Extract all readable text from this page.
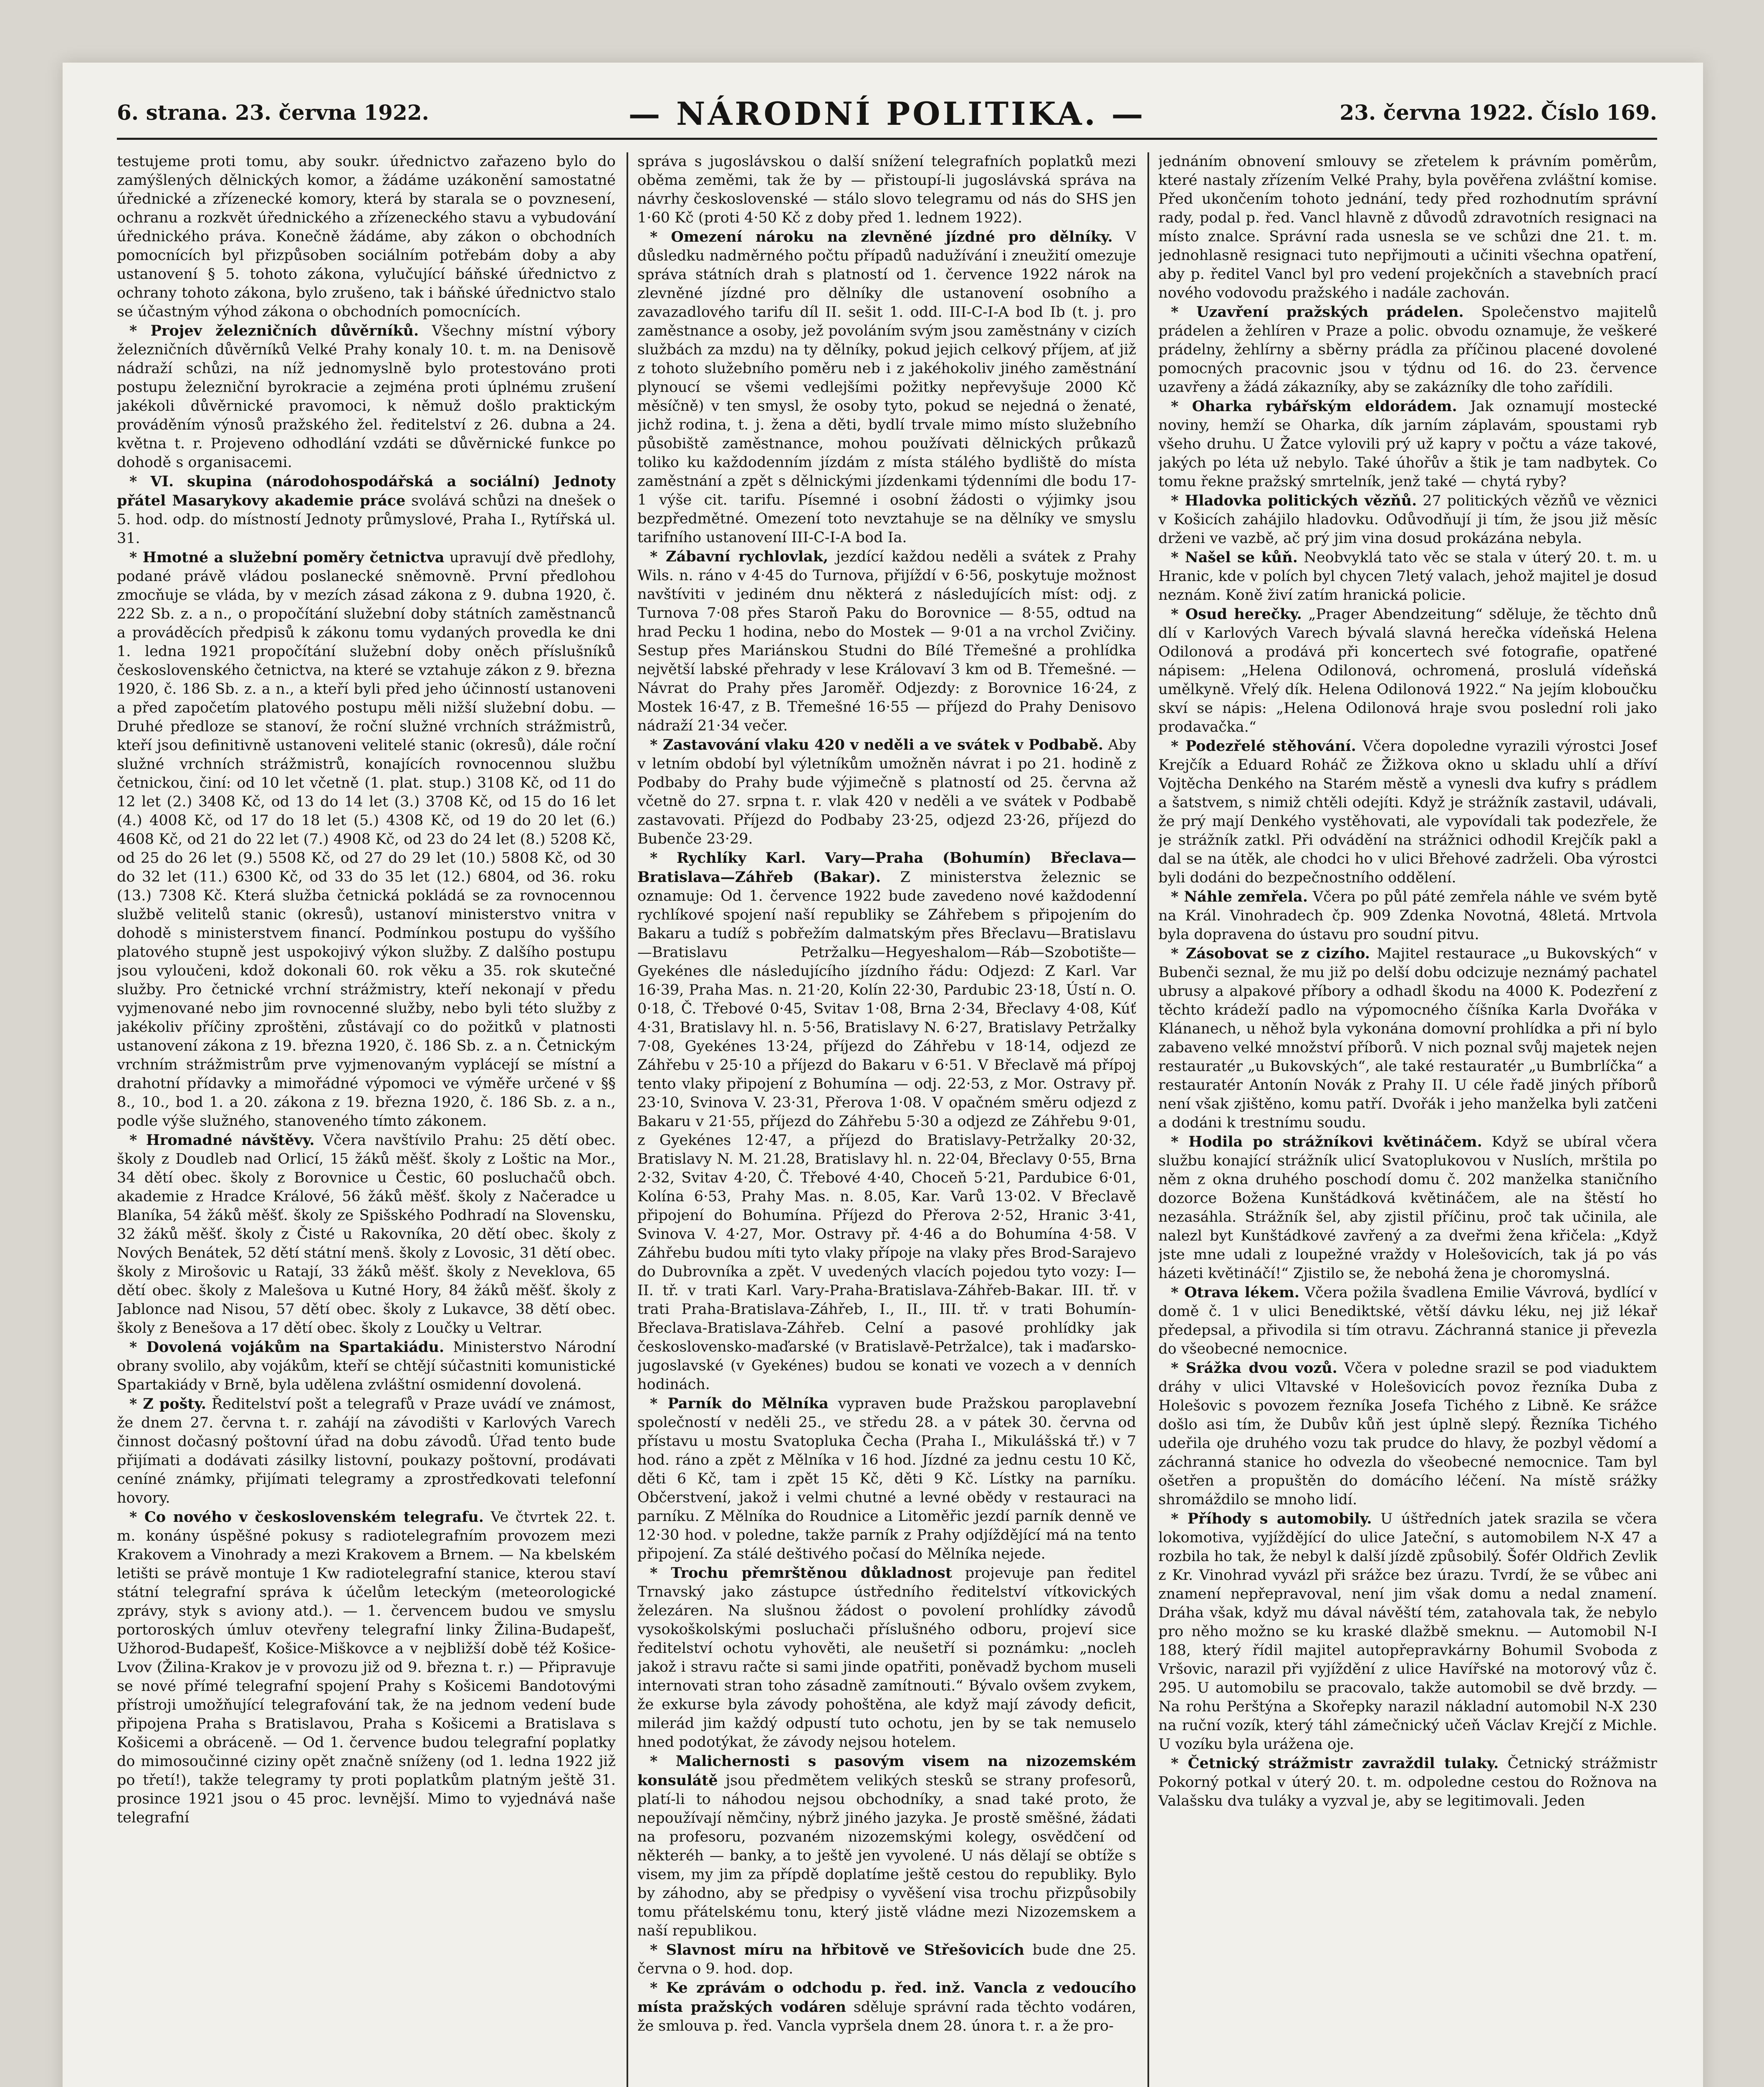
6. strana. 23. června 1922.	— NÁRODNÍ POLITIKA. —	23. června 1922. Číslo 169.

testujeme proti tomu, aby soukr. úřednictvo zařazeno bylo do zamýšlených dělnických komor, a žádáme uzákonění samostatné úřednické a zřízenecké komory, která by starala se o povznesení, ochranu a rozkvět úřednického a zřízeneckého stavu a vybudování úřednického práva. Konečně žádáme, aby zákon o obchodních pomocnících byl přizpůsoben sociálním potřebám doby a aby ustanovení § 5. tohoto zákona, vylučující báňské úřednictvo z ochrany tohoto zákona, bylo zrušeno, tak i báňské úřednictvo stalo se účastným výhod zákona o obchodních pomocnících.

* Projev železničních důvěrníků. Všechny místní výbory železničních důvěrníků Velké Prahy konaly 10. t. m. na Denisově nádraží schůzi, na níž jednomyslně bylo protestováno proti postupu železniční byrokracie a zejména proti úplnému zrušení jakékoli důvěrnické pravomoci, k němuž došlo praktickým prováděním výnosů pražského žel. ředitelství z 26. dubna a 24. května t. r. Projeveno odhodlání vzdáti se důvěrnické funkce po dohodě s organisacemi.

* VI. skupina (národohospodářská a sociální) Jednoty přátel Masarykovy akademie práce svolává schůzi na dnešek o 5. hod. odp. do místností Jednoty průmyslové, Praha I., Rytířská ul. 31.

* Hmotné a služební poměry četnictva upravují dvě předlohy, podané právě vládou poslanecké sněmovně. První předlohou zmocňuje se vláda, by v mezích zásad zákona z 9. dubna 1920, č. 222 Sb. z. a n., o propočítání služební doby státních zaměstnanců a prováděcích předpisů k zákonu tomu vydaných provedla ke dni 1. ledna 1921 propočítání služební doby oněch příslušníků československého četnictva, na které se vztahuje zákon z 9. března 1920, č. 186 Sb. z. a n., a kteří byli před jeho účinností ustanoveni a před započetím platového postupu měli nižší služební dobu. — Druhé předloze se stanoví, že roční služné vrchních strážmistrů, kteří jsou definitivně ustanoveni velitelé stanic (okresů), dále roční služné vrchních strážmistrů, konajících rovnocennou službu četnickou, činí: od 10 let včetně (1. plat. stup.) 3108 Kč, od 11 do 12 let (2.) 3408 Kč, od 13 do 14 let (3.) 3708 Kč, od 15 do 16 let (4.) 4008 Kč, od 17 do 18 let (5.) 4308 Kč, od 19 do 20 let (6.) 4608 Kč, od 21 do 22 let (7.) 4908 Kč, od 23 do 24 let (8.) 5208 Kč, od 25 do 26 let (9.) 5508 Kč, od 27 do 29 let (10.) 5808 Kč, od 30 do 32 let (11.) 6300 Kč, od 33 do 35 let (12.) 6804, od 36. roku (13.) 7308 Kč. Která služba četnická pokládá se za rovnocennou službě velitelů stanic (okresů), ustanoví ministerstvo vnitra v dohodě s ministerstvem financí. Podmínkou postupu do vyššího platového stupně jest uspokojivý výkon služby. Z dalšího postupu jsou vyloučeni, kdož dokonali 60. rok věku a 35. rok skutečné služby. Pro četnické vrchní strážmistry, kteří nekonají v předu vyjmenované nebo jim rovnocenné služby, nebo byli této služby z jakékoliv příčiny zproštěni, zůstávají co do požitků v platnosti ustanovení zákona z 19. března 1920, č. 186 Sb. z. a n. Četnickým vrchním strážmistrům prve vyjmenovaným vyplácejí se místní a drahotní přídavky a mimořádné výpomoci ve výměře určené v §§ 8., 10., bod 1. a 20. zákona z 19. března 1920, č. 186 Sb. z. a n., podle výše služného, stanoveného tímto zákonem.

* Hromadné návštěvy. Včera navštívilo Prahu: 25 dětí obec. školy z Doudleb nad Orlicí, 15 žáků měšť. školy z Loštic na Mor., 34 dětí obec. školy z Borovnice u Čestic, 60 posluchačů obch. akademie z Hradce Králové, 56 žáků měšť. školy z Načeradce u Blaníka, 54 žáků měšť. školy ze Spišského Podhradí na Slovensku, 32 žáků měšť. školy z Čisté u Rakovníka, 20 dětí obec. školy z Nových Benátek, 52 dětí státní menš. školy z Lovosic, 31 dětí obec. školy z Mirošovic u Ratají, 33 žáků měšť. školy z Neveklova, 65 dětí obec. školy z Malešova u Kutné Hory, 84 žáků měšť. školy z Jablonce nad Nisou, 57 dětí obec. školy z Lukavce, 38 dětí obec. školy z Benešova a 17 dětí obec. školy z Loučky u Veltrar.

* Dovolená vojákům na Spartakiádu. Ministerstvo Národní obrany svolilo, aby vojákům, kteří se chtějí súčastniti komunistické Spartakiády v Brně, byla udělena zvláštní osmidenní dovolená.

* Z pošty. Ředitelství pošt a telegrafů v Praze uvádí ve známost, že dnem 27. června t. r. zahájí na závodišti v Karlových Varech činnost dočasný poštovní úřad na dobu závodů. Úřad tento bude přijímati a dodávati zásilky listovní, poukazy poštovní, prodávati ceníné známky, přijímati telegramy a zprostředkovati telefonní hovory.

* Co nového v československém telegrafu. Ve čtvrtek 22. t. m. konány úspěšné pokusy s radiotelegrafním provozem mezi Krakovem a Vinohrady a mezi Krakovem a Brnem. — Na kbelském letišti se právě montuje 1 Kw radiotelegrafní stanice, kterou staví státní telegrafní správa k účelům leteckým (meteorologické zprávy, styk s aviony atd.). — 1. červencem budou ve smyslu portoroských úmluv otevřeny telegrafní linky Žilina-Budapešť, Užhorod-Budapešť, Košice-Miškovce a v nejbližší době též Košice-Lvov (Žilina-Krakov je v provozu již od 9. března t. r.) — Připravuje se nové přímé telegrafní spojení Prahy s Košicemi Bandotovými přístroji umožňující telegrafování tak, že na jednom vedení bude připojena Praha s Bratislavou, Praha s Košicemi a Bratislava s Košicemi a obráceně. — Od 1. července budou telegrafní poplatky do mimosoučinné ciziny opět značně sníženy (od 1. ledna 1922 již po třetí!), takže telegramy ty proti poplatkům platným ještě 31. prosince 1921 jsou o 45 proc. levnější. Mimo to vyjednává naše telegrafní

správa s jugoslávskou o další snížení telegrafních poplatků mezi oběma zeměmi, tak že by — přistoupí-li jugoslávská správa na návrhy československé — stálo slovo telegramu od nás do SHS jen 1·60 Kč (proti 4·50 Kč z doby před 1. lednem 1922).

* Omezení nároku na zlevněné jízdné pro dělníky. V důsledku nadměrného počtu případů nadužívání i zneužití omezuje správa státních drah s platností od 1. července 1922 nárok na zlevněné jízdné pro dělníky dle ustanovení osobního a zavazadlového tarifu díl II. sešit 1. odd. III-C-I-A bod Ib (t. j. pro zaměstnance a osoby, jež povoláním svým jsou zaměstnány v cizích službách za mzdu) na ty dělníky, pokud jejich celkový příjem, ať již z tohoto služebního poměru neb i z jakéhokoliv jiného zaměstnání plynoucí se všemi vedlejšími požitky nepřevyšuje 2000 Kč měsíčně) v ten smysl, že osoby tyto, pokud se nejedná o ženaté, jichž rodina, t. j. žena a děti, bydlí trvale mimo místo služebního působiště zaměstnance, mohou používati dělnických průkazů toliko ku každodenním jízdám z místa stálého bydliště do místa zaměstnání a zpět s dělnickými jízdenkami týdenními dle bodu 17-1 výše cit. tarifu. Písemné i osobní žádosti o výjimky jsou bezpředmětné. Omezení toto nevztahuje se na dělníky ve smyslu tarifního ustanovení III-C-I-A bod Ia.

* Zábavní rychlovlak, jezdící každou neděli a svátek z Prahy Wils. n. ráno v 4·45 do Turnova, přijíždí v 6·56, poskytuje možnost navštíviti v jediném dnu některá z následujících míst: odj. z Turnova 7·08 přes Staroň Paku do Borovnice — 8·55, odtud na hrad Pecku 1 hodina, nebo do Mostek — 9·01 a na vrchol Zvičiny. Sestup přes Mariánskou Studni do Bílé Třemešné a prohlídka největší labské přehrady v lese Královaví 3 km od B. Třemešné. — Návrat do Prahy přes Jaroměř. Odjezdy: z Borovnice 16·24, z Mostek 16·47, z B. Třemešné 16·55 — příjezd do Prahy Denisovo nádraží 21·34 večer.

* Zastavování vlaku 420 v neděli a ve svátek v Podbabě. Aby v letním období byl výletníkům umožněn návrat i po 21. hodině z Podbaby do Prahy bude výjimečně s platností od 25. června až včetně do 27. srpna t. r. vlak 420 v neděli a ve svátek v Podbabě zastavovati. Příjezd do Podbaby 23·25, odjezd 23·26, příjezd do Bubenče 23·29.

* Rychlíky Karl. Vary—Praha (Bohumín) Břeclava—Bratislava—Záhřeb (Bakar). Z ministerstva železnic se oznamuje: Od 1. července 1922 bude zavedeno nové každodenní rychlíkové spojení naší republiky se Záhřebem s připojením do Bakaru a tudíž s pobřežím dalmatským přes Břeclavu—Bratislavu—Bratislavu Petržalku—Hegyeshalom—Ráb—Szobotište—Gyekénes dle následujícího jízdního řádu: Odjezd: Z Karl. Var 16·39, Praha Mas. n. 21·20, Kolín 22·30, Pardubic 23·18, Ústí n. O. 0·18, Č. Třebové 0·45, Svitav 1·08, Brna 2·34, Břeclavy 4·08, Kúť 4·31, Bratislavy hl. n. 5·56, Bratislavy N. 6·27, Bratislavy Petržalky 7·08, Gyekénes 13·24, příjezd do Záhřebu v 18·14, odjezd ze Záhřebu v 25·10 a příjezd do Bakaru v 6·51. V Břeclavě má přípoj tento vlaky připojení z Bohumína — odj. 22·53, z Mor. Ostravy př. 23·10, Svinova V. 23·31, Přerova 1·08. V opačném směru odjezd z Bakaru v 21·55, příjezd do Záhřebu 5·30 a odjezd ze Záhřebu 9·01, z Gyekénes 12·47, a příjezd do Bratislavy-Petržalky 20·32, Bratislavy N. M. 21.28, Bratislavy hl. n. 22·04, Břeclavy 0·55, Brna 2·32, Svitav 4·20, Č. Třebové 4·40, Choceň 5·21, Pardubice 6·01, Kolína 6·53, Prahy Mas. n. 8.05, Kar. Varů 13·02. V Břeclavě připojení do Bohumína. Příjezd do Přerova 2·52, Hranic 3·41, Svinova V. 4·27, Mor. Ostravy př. 4·46 a do Bohumína 4·58. V Záhřebu budou míti tyto vlaky přípoje na vlaky přes Brod-Sarajevo do Dubrovníka a zpět. V uvedených vlacích pojedou tyto vozy: I—II. tř. v trati Karl. Vary-Praha-Bratislava-Záhřeb-Bakar. III. tř. v trati Praha-Bratislava-Záhřeb, I., II., III. tř. v trati Bohumín-Břeclava-Bratislava-Záhřeb. Celní a pasové prohlídky jak československo-maďarské (v Bratislavě-Petržalce), tak i maďarsko-jugoslavské (v Gyekénes) budou se konati ve vozech a v denních hodinách.

* Parník do Mělníka vypraven bude Pražskou paroplavební společností v neděli 25., ve středu 28. a v pátek 30. června od přístavu u mostu Svatopluka Čecha (Praha I., Mikulášská tř.) v 7 hod. ráno a zpět z Mělníka v 16 hod. Jízdné za jednu cestu 10 Kč, děti 6 Kč, tam i zpět 15 Kč, děti 9 Kč. Lístky na parníku. Občerstvení, jakož i velmi chutné a levné obědy v restauraci na parníku. Z Mělníka do Roudnice a Litoměřic jezdí parník denně ve 12·30 hod. v poledne, takže parník z Prahy odjíždějící má na tento připojení. Za stálé deštivého počasí do Mělníka nejede.

* Trochu přemrštěnou důkladnost projevuje pan ředitel Trnavský jako zástupce ústředního ředitelství vítkovických železáren. Na slušnou žádost o povolení prohlídky závodů vysokoškolskými posluchači příslušného odboru, projeví sice ředitelství ochotu vyhověti, ale neušetří si poznámku: „noclеh jakož i stravu račte si sami jinde opatřiti, poněvadž bychom museli internovati stran toho zásadně zamítnouti.“ Bývalo ovšem zvykem, že exkurse byla závody pohoštěna, ale když mají závody deficit, milerád jim každý odpustí tuto ochotu, jen by se tak nemuselo hned podotýkat, že závody nejsou hotelem.

* Malichernosti s pasovým visem na nizozemském konsulátě jsou předmětem velikých stesků se strany profesorů, platí-li to náhodou nejsou obchodníky, a snad také proto, že nepoužívají němčiny, nýbrž jiného jazyka. Je prostě směšné, žádati na profesoru, pozvaném nizozemskými kolegy, osvědčení od některéh — banky, a to ještě jen vyvolené. U nás dělají se obtíže s visem, my jim za přípdě doplatíme ještě cestou do republiky. Bylo by záhodno, aby se předpisy o vyvěšení visa trochu přizpůsobily tomu přátelskému tonu, který jistě vládne mezi Nizozemskem a naší republikou.

* Slavnost míru na hřbitově ve Střešovicích bude dne 25. června o 9. hod. dop.

* Ke zprávám o odchodu p. řed. inž. Vancla z vedoucího místa pražských vodáren sděluje správní rada těchto vodáren, že smlouva p. řed. Vancla vypršela dnem 28. února t. r. a že pro-

jednáním obnovení smlouvy se zřetelem k právním poměrům, které nastaly zřízením Velké Prahy, byla pověřena zvláštní komise. Před ukončením tohoto jednání, tedy před rozhodnutím správní rady, podal p. řed. Vancl hlavně z důvodů zdravotních resignaci na místo znalce. Správní rada usnesla se ve schůzi dne 21. t. m. jednohlasně resignaci tuto nepřijmouti a učiniti všechna opatření, aby p. ředitel Vancl byl pro vedení projekčních a stavebních prací nového vodovodu pražského i nadále zachován.

* Uzavření pražských prádelen. Společenstvo majitelů prádelen a žehlíren v Praze a polic. obvodu oznamuje, že veškeré prádelny, žehlírny a sběrny prádla za příčinou placené dovolené pomocných pracovnic jsou v týdnu od 16. do 23. července uzavřeny a žádá zákazníky, aby se zakázníky dle toho zařídili.

* Oharka rybářským eldorádem. Jak oznamují mostecké noviny, hemží se Oharka, dík jarním záplavám, spoustami ryb všeho druhu. U Žatce vylovili prý už kapry v počtu a váze takové, jakých po léta už nebylo. Také úhořův a štik je tam nadbytek. Co tomu řekne pražský smrtelník, jenž také — chytá ryby?

* Hladovka politických vězňů. 27 politických vězňů ve věznici v Košicích zahájilo hladovku. Odůvodňují ji tím, že jsou již měsíc drženi ve vazbě, ač prý jim vina dosud prokázána nebyla.

* Našel se kůň. Neobvyklá tato věc se stala v úterý 20. t. m. u Hranic, kde v polích byl chycen 7letý valach, jehož majitel je dosud neznám. Koně živí zatím hranická policie.

* Osud herečky. „Prager Abendzeitung“ sděluje, že těchto dnů dlí v Karlových Varech bývalá slavná herečka vídeňská Helena Odilonová a prodává při koncertech své fotografie, opatřené nápisem: „Helena Odilonová, ochromená, proslulá vídeňská umělkyně. Vřelý dík. Helena Odilonová 1922.“ Na jejím kloboučku skví se nápis: „Helena Odilonová hraje svou poslední roli jako prodavačka.“

* Podezřelé stěhování. Včera dopoledne vyrazili výrostci Josef Krejčík a Eduard Roháč ze Žižkova okno u skladu uhlí a dříví Vojtěcha Denkého na Starém městě a vynesli dva kufry s prádlem a šatstvem, s nimiž chtěli odejíti. Když je strážník zastavil, udávali, že prý mají Denkého vystěhovati, ale vypovídali tak podezřele, že je strážník zatkl. Při odvádění na strážnici odhodil Krejčík pakl a dal se na útěk, ale chodci ho v ulici Břehové zadrželi. Oba výrostci byli dodáni do bezpečnostního oddělení.

* Náhle zemřela. Včera po půl páté zemřela náhle ve svém bytě na Král. Vinohradech čp. 909 Zdenka Novotná, 48letá. Mrtvola byla dopravena do ústavu pro soudní pitvu.

* Zásobovat se z cizího. Majitel restaurace „u Bukovských“ v Bubenči seznal, že mu již po delší dobu odcizuje neznámý pachatel ubrusy a alpakové příbory a odhadl škodu na 4000 K. Podezření z těchto krádeží padlo na výpomocného číšníka Karla Dvořáka v Klánanech, u něhož byla vykonána domovní prohlídka a při ní bylo zabaveno velké množství příborů. V nich poznal svůj majetek nejen restauratér „u Bukovských“, ale také restauratér „u Bumbrlíčka“ a restauratér Antonín Novák z Prahy II. U céle řadě jiných příborů není však zjištěno, komu patří. Dvořák i jeho manželka byli zatčeni a dodáni k trestnímu soudu.

* Hodila po strážníkovi květináčem. Když se ubíral včera službu konající strážník ulicí Svatoplukovou v Nuslích, mrštila po něm z okna druhého poschodí domu č. 202 manželka staničního dozorce Božena Kunštádková květináčem, ale na štěstí ho nezasáhla. Strážník šel, aby zjistil příčinu, proč tak učinila, ale nalezl byt Kunštádkové zavřený a za dveřmi žena křičela: „Když jste mne udali z loupežné vraždy v Holešovicích, tak já po vás házeti květináčí!“ Zjistilo se, že nebohá žena je choromyslná.

* Otrava lékem. Včera požila švadlena Emilie Vávrová, bydlící v domě č. 1 v ulici Benediktské, větší dávku léku, nej již lékař předepsal, a přivodila si tím otravu. Záchranná stanice ji převezla do všeobecné nemocnice.

* Srážka dvou vozů. Včera v poledne srazil se pod viaduktem dráhy v ulici Vltavské v Holešovicích povoz řezníka Duba z Holešovic s povozem řezníka Josefa Tichého z Libně. Ke srážce došlo asi tím, že Dubův kůň jest úplně slepý. Řezníka Tichého udeřila oje druhého vozu tak prudce do hlavy, že pozbyl vědomí a záchranná stanice ho odvezla do všeobecné nemocnice. Tam byl ošetřen a propuštěn do domácího léčení. Na místě srážky shromáždilo se mnoho lidí.

* Příhody s automobily. U úštředních jatek srazila se včera lokomotiva, vyjíždějící do ulice Jateční, s automobilem N-X 47 a rozbila ho tak, že nebyl k další jízdě způsobilý. Šofér Oldřich Zevlik z Kr. Vinohrad vyvázl při srážce bez úrazu. Tvrdí, že se vůbec ani znamení nepřepravoval, není jim však domu a nedal znamení. Dráha však, když mu dával návěští tém, zatahovala tak, že nebylo pro něho možno se ku kraské dlažbě smeknu. — Automobil N-I 188, který řídil majitel autopřepravkárny Bohumil Svoboda z Vršovic, narazil při vyjíždění z ulice Havířské na motorový vůz č. 295. U automobilu se pracovalo, takže automobil se dvě brzdy. — Na rohu Perštýna a Skořepky narazil nákladní automobil N-X 230 na ruční vozík, který táhl zámečnický učeň Václav Krejčí z Michle. U vozíku byla urážena oje.

* Četnický strážmistr zavraždil tulaky. Četnický strážmistr Pokorný potkal v úterý 20. t. m. odpoledne cestou do Rožnova na Valašsku dva tuláky a vyzval je, aby se legitimovali. Jeden
